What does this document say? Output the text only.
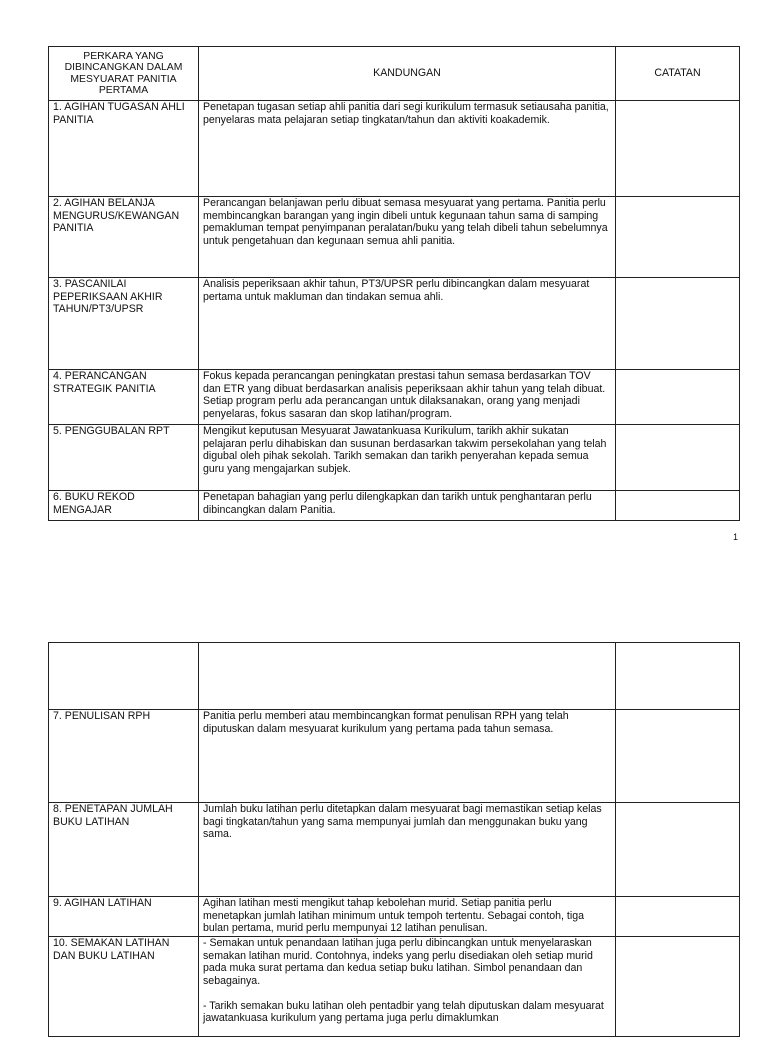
PERKARA YANG DIBINCANGKAN DALAM MESYUARAT PANITIA PERTAMA	KANDUNGAN	CATATAN
1. AGIHAN TUGASAN AHLI PANITIA	Penetapan tugasan setiap ahli panitia dari segi kurikulum termasuk setiausaha panitia, penyelaras mata pelajaran setiap tingkatan/tahun dan aktiviti koakademik.	
2. AGIHAN BELANJA MENGURUS/KEWANGAN PANITIA	Perancangan belanjawan perlu dibuat semasa mesyuarat yang pertama. Panitia perlu membincangkan barangan yang ingin dibeli untuk kegunaan tahun sama di samping pemakluman tempat penyimpanan peralatan/buku yang telah dibeli tahun sebelumnya untuk pengetahuan dan kegunaan semua ahli panitia.	
3. PASCANILAI PEPERIKSAAN AKHIR TAHUN/PT3/UPSR	Analisis peperiksaan akhir tahun, PT3/UPSR perlu dibincangkan dalam mesyuarat pertama untuk makluman dan tindakan semua ahli.	
4. PERANCANGAN STRATEGIK PANITIA	Fokus kepada perancangan peningkatan prestasi tahun semasa berdasarkan TOV dan ETR yang dibuat berdasarkan analisis peperiksaan akhir tahun yang telah dibuat. Setiap program perlu ada perancangan untuk dilaksanakan, orang yang menjadi penyelaras, fokus sasaran dan skop latihan/program.	
5. PENGGUBALAN RPT	Mengikut keputusan Mesyuarat Jawatankuasa Kurikulum, tarikh akhir sukatan pelajaran perlu dihabiskan dan susunan berdasarkan takwim persekolahan yang telah digubal oleh pihak sekolah. Tarikh semakan dan tarikh penyerahan kepada semua guru yang mengajarkan subjek.	
6. BUKU REKOD MENGAJAR	Penetapan bahagian yang perlu dilengkapkan dan tarikh untuk penghantaran perlu dibincangkan dalam Panitia.	
1

7. PENULISAN RPH	Panitia perlu memberi atau membincangkan format penulisan RPH yang telah diputuskan dalam mesyuarat kurikulum yang pertama pada tahun semasa.	
8. PENETAPAN JUMLAH BUKU LATIHAN	Jumlah buku latihan perlu ditetapkan dalam mesyuarat bagi memastikan setiap kelas bagi tingkatan/tahun yang sama mempunyai jumlah dan menggunakan buku yang sama.	
9. AGIHAN LATIHAN	Agihan latihan mesti mengikut tahap kebolehan murid. Setiap panitia perlu menetapkan jumlah latihan minimum untuk tempoh tertentu. Sebagai contoh, tiga bulan pertama, murid perlu mempunyai 12 latihan penulisan.	
10. SEMAKAN LATIHAN DAN BUKU LATIHAN	- Semakan untuk penandaan latihan juga perlu dibincangkan untuk menyelaraskan semakan latihan murid. Contohnya, indeks yang perlu disediakan oleh setiap murid pada muka surat pertama dan kedua setiap buku latihan. Simbol penandaan dan sebagainya.

- Tarikh semakan buku latihan oleh pentadbir yang telah diputuskan dalam mesyuarat jawatankuasa kurikulum yang pertama juga perlu dimaklumkan	
